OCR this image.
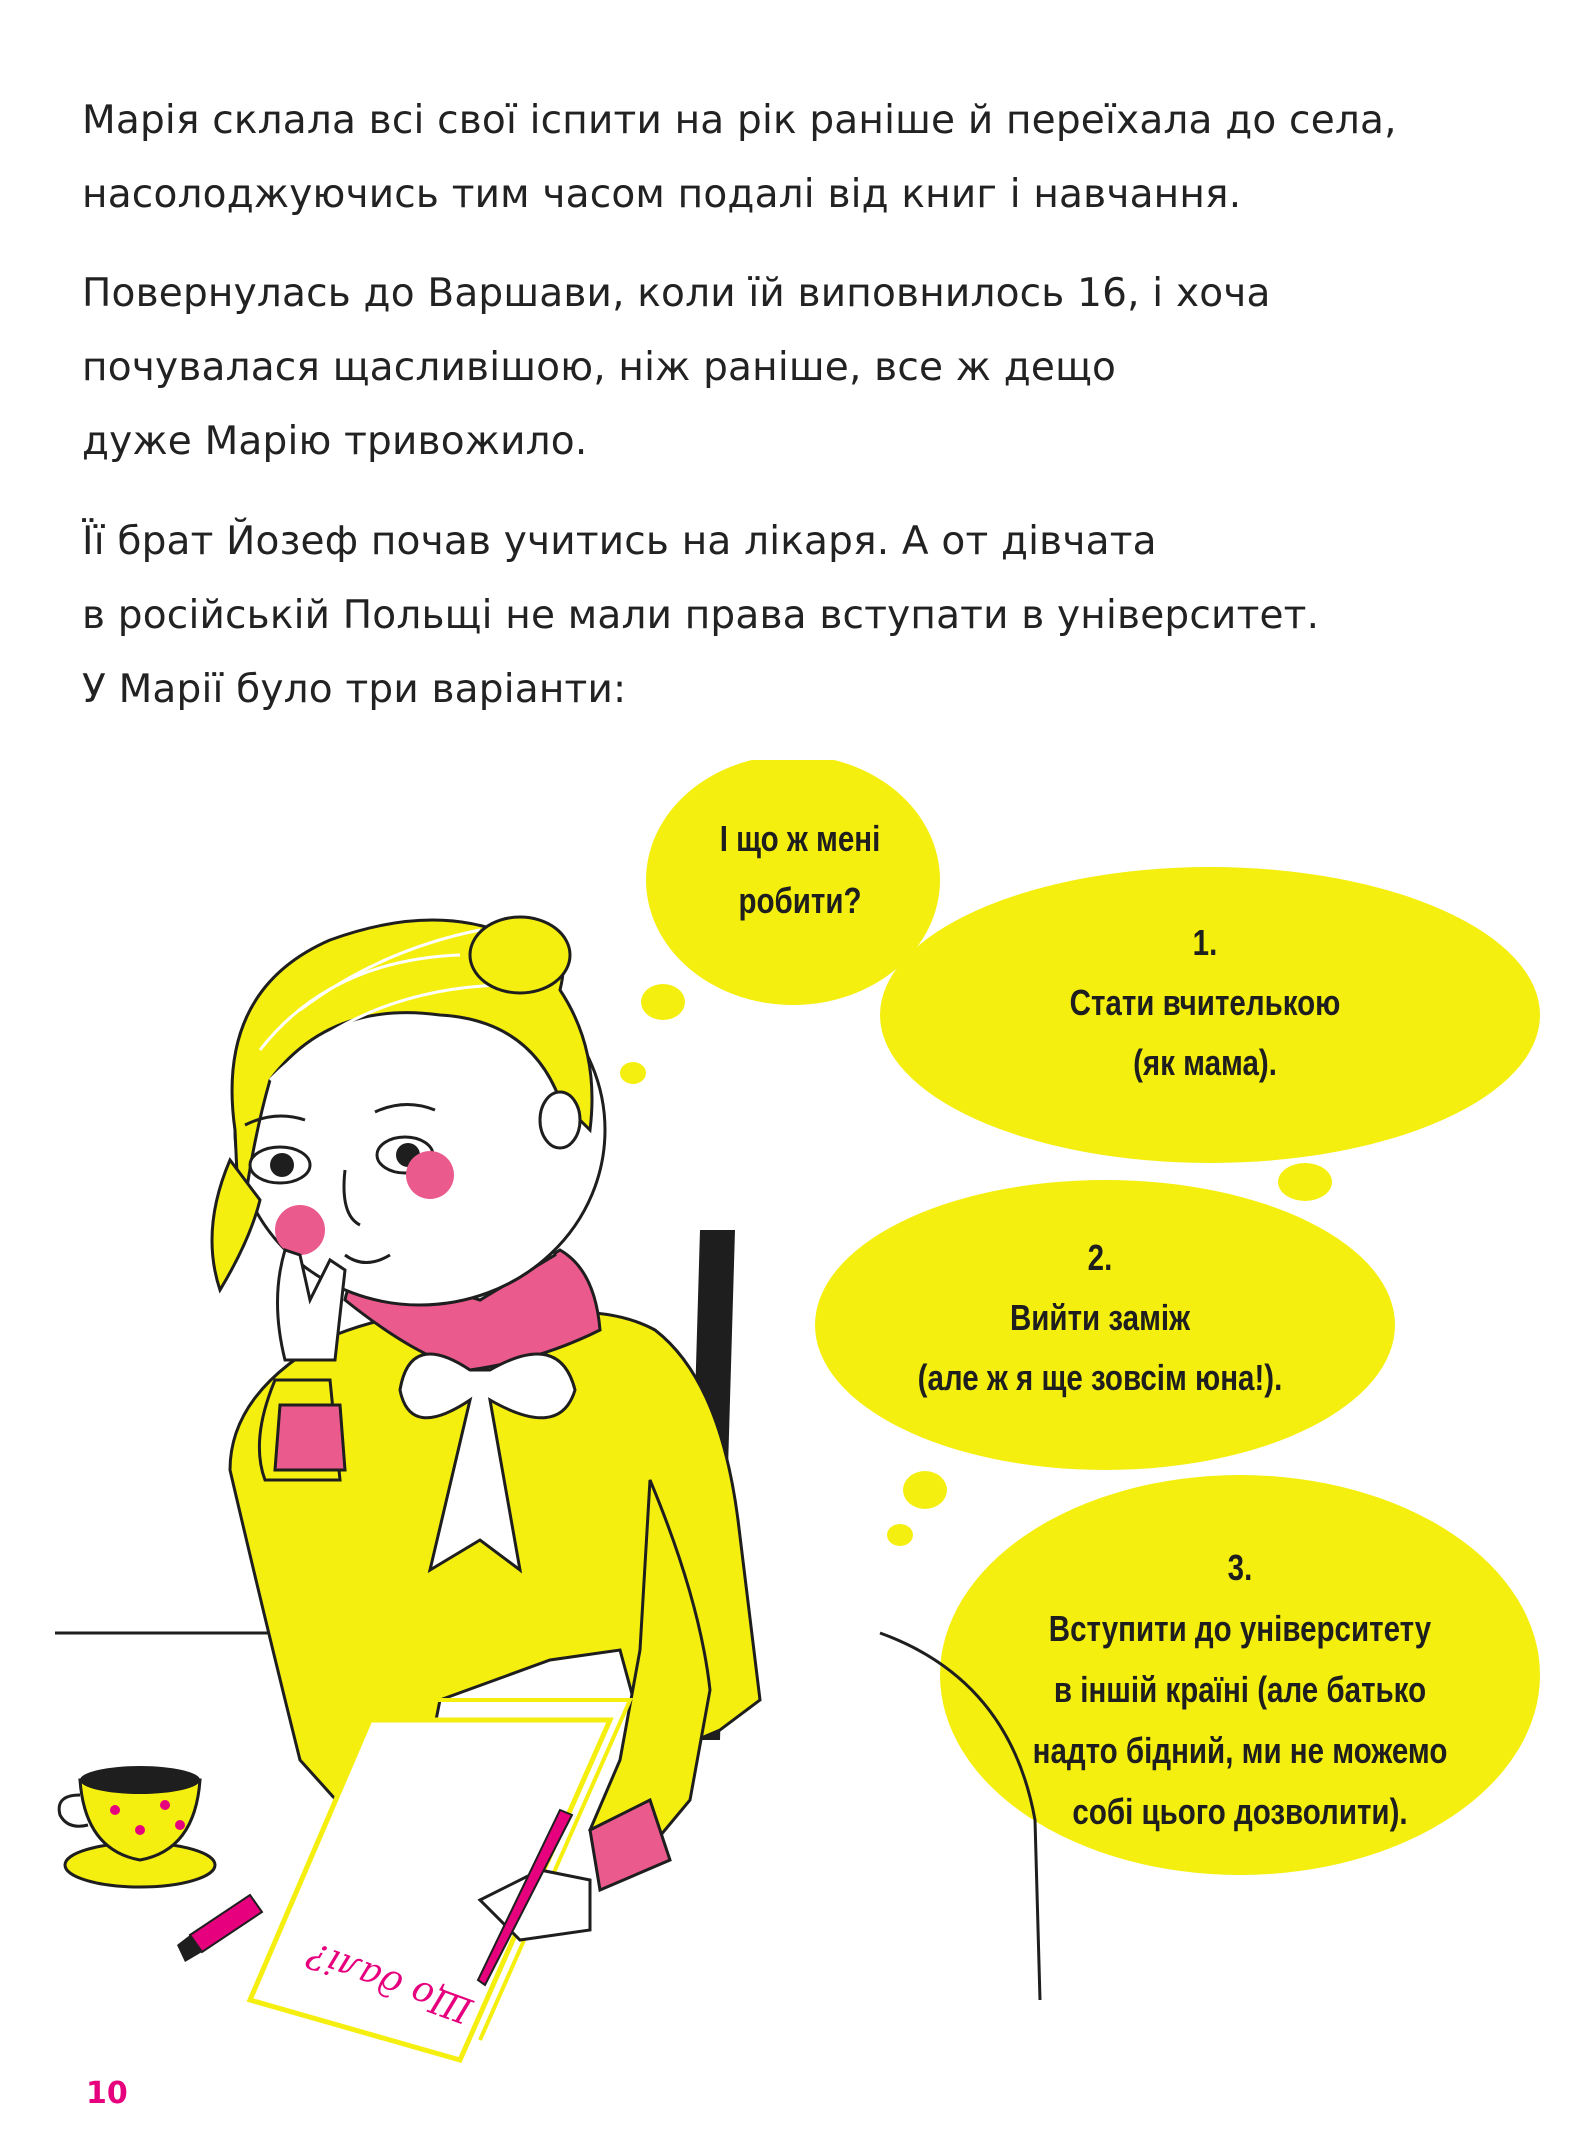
Марія склала всі свої іспити на рік раніше й переїхала до села,
насолоджуючись тим часом подалі від книг і навчання.
Повернулась до Варшави, коли їй виповнилось 16, і хоча
почувалася щасливішою, ніж раніше, все ж дещо
дуже Марію тривожило.
Її брат Йозеф почав учитись на лікаря. А от дівчата
в російській Польщі не мали права вступати в університет.
У Марії було три варіанти:
Що далі?
І що ж мені
робити?
1.
Стати вчителькою
(як мама).
2.
Вийти заміж
(але ж я ще зовсім юна!).
3.
Вступити до університету
в іншій країні (але батько
надто бідний, ми не можемо
собі цього дозволити).
10
